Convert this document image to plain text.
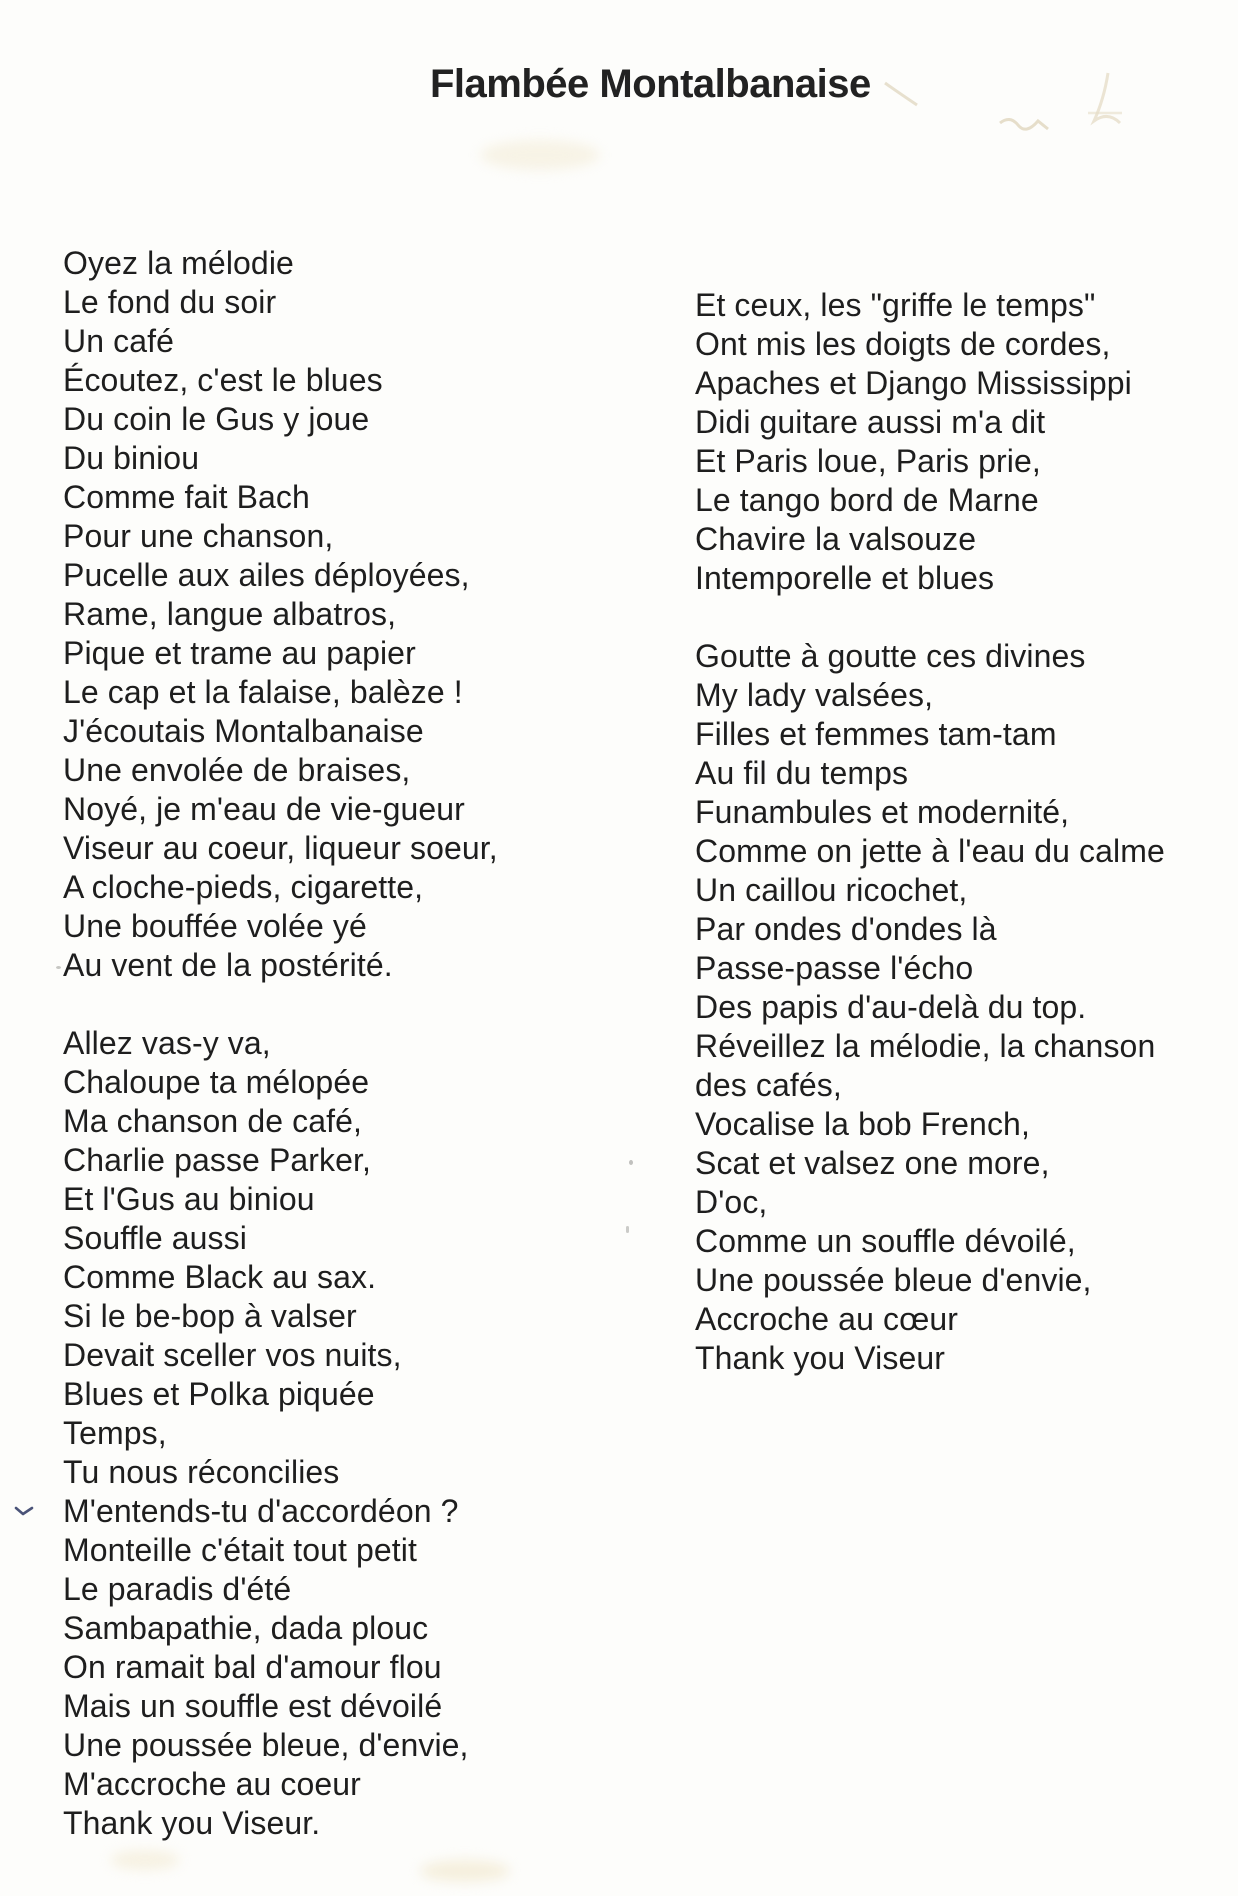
Flambée Montalbanaise
Oyez la mélodie
Le fond du soir
Un café
Écoutez, c'est le blues
Du coin le Gus y joue
Du biniou
Comme fait Bach
Pour une chanson,
Pucelle aux ailes déployées,
Rame, langue albatros,
Pique et trame au papier
Le cap et la falaise, balèze !
J'écoutais Montalbanaise
Une envolée de braises,
Noyé, je m'eau de vie-gueur
Viseur au coeur, liqueur soeur,
A cloche-pieds, cigarette,
Une bouffée volée yé
Au vent de la postérité.
Allez vas-y va,
Chaloupe ta mélopée
Ma chanson de café,
Charlie passe Parker,
Et l'Gus au biniou
Souffle aussi
Comme Black au sax.
Si le be-bop à valser
Devait sceller vos nuits,
Blues et Polka piquée
Temps,
Tu nous réconcilies
M'entends-tu d'accordéon ?
Monteille c'était tout petit
Le paradis d'été
Sambapathie, dada plouc
On ramait bal d'amour flou
Mais un souffle est dévoilé
Une poussée bleue, d'envie,
M'accroche au coeur
Thank you Viseur.
Et ceux, les "griffe le temps"
Ont mis les doigts de cordes,
Apaches et Django Mississippi
Didi guitare aussi m'a dit
Et Paris loue, Paris prie,
Le tango bord de Marne
Chavire la valsouze
Intemporelle et blues
Goutte à goutte ces divines
My lady valsées,
Filles et femmes tam-tam
Au fil du temps
Funambules et modernité,
Comme on jette à l'eau du calme
Un caillou ricochet,
Par ondes d'ondes là
Passe-passe l'écho
Des papis d'au-delà du top.
Réveillez la mélodie, la chanson
des cafés,
Vocalise la bob French,
Scat et valsez one more,
D'oc,
Comme un souffle dévoilé,
Une poussée bleue d'envie,
Accroche au cœur
Thank you Viseur
